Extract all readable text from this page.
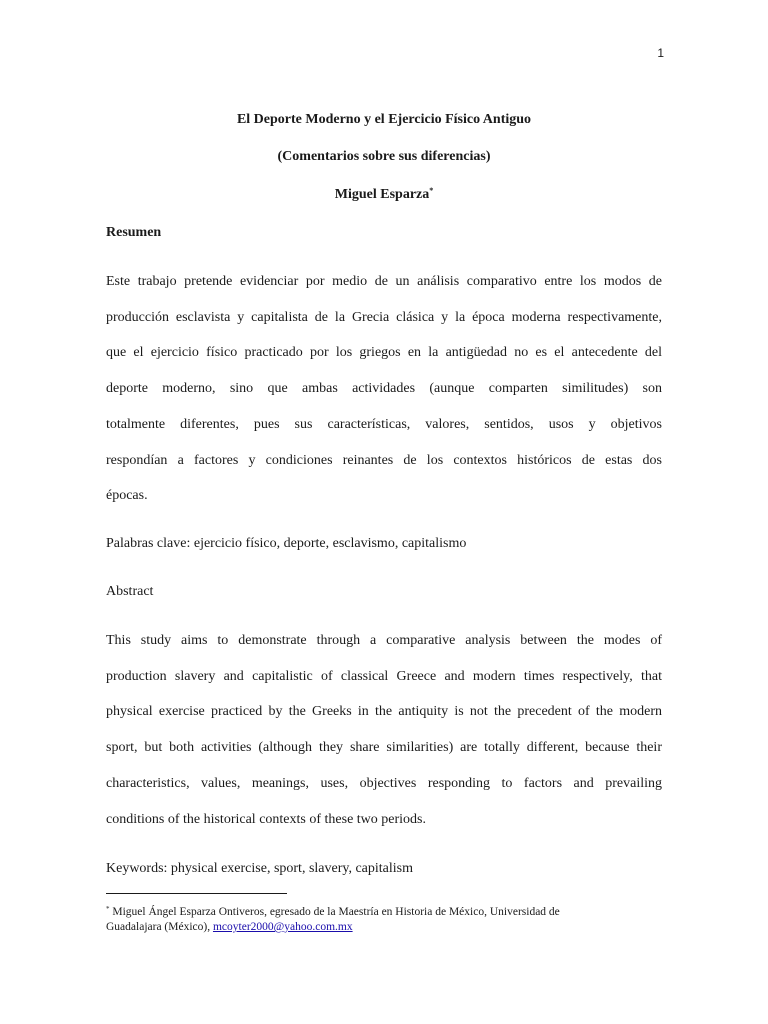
1
El Deporte Moderno y el Ejercicio Físico Antiguo
(Comentarios sobre sus diferencias)
Miguel Esparza*
Resumen

Este trabajo pretende evidenciar por medio de un análisis comparativo entre los modos de
producción esclavista y capitalista de la Grecia clásica y la época moderna respectivamente,
que el ejercicio físico practicado por los griegos en la antigüedad no es el antecedente del
deporte moderno, sino que ambas actividades (aunque comparten similitudes) son
totalmente diferentes, pues sus características, valores, sentidos, usos y objetivos
respondían a factores y condiciones reinantes de los contextos históricos de estas dos
épocas.

Palabras clave: ejercicio físico, deporte, esclavismo, capitalismo
Abstract

This study aims to demonstrate through a comparative analysis between the modes of
production slavery and capitalistic of classical Greece and modern times respectively, that
physical exercise practiced by the Greeks in the antiquity is not the precedent of the modern
sport, but both activities (although they share similarities) are totally different, because their
characteristics, values, meanings, uses, objectives responding to factors and prevailing
conditions of the historical contexts of these two periods.

Keywords: physical exercise, sport, slavery, capitalism
* Miguel Ángel Esparza Ontiveros, egresado de la Maestría en Historia de México, Universidad de
Guadalajara (México), mcoyter2000@yahoo.com.mx
